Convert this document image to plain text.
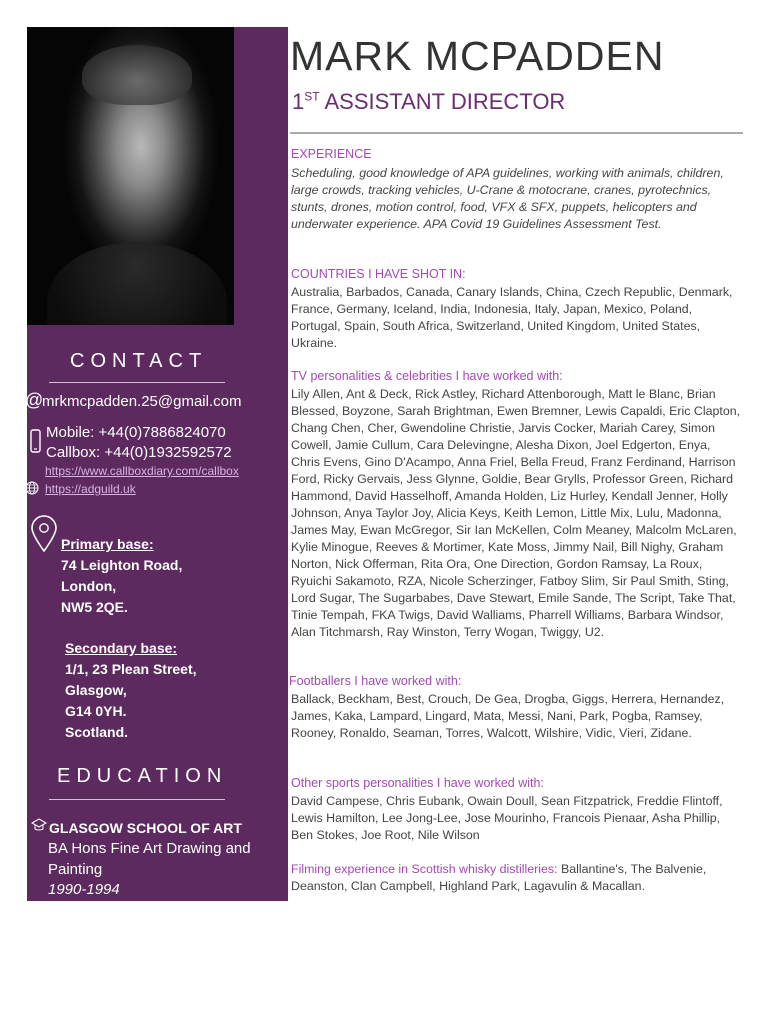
CONTACT
@
mrkmcpadden.25@gmail.com
Mobile: +44(0)7886824070
Callbox: +44(0)1932592572
https://www.callboxdiary.com/callbox
https://adguild.uk
Primary base:
74 Leighton Road,
London,
NW5 2QE.
Secondary base:
1/1, 23 Plean Street,
Glasgow,
G14 0YH.
Scotland.
EDUCATION
GLASGOW SCHOOL OF ART
BA Hons Fine Art Drawing and Painting
1990-1994
MARK MCPADDEN
1ST ASSISTANT DIRECTOR
EXPERIENCE

Scheduling, good knowledge of APA guidelines, working with animals, children, large crowds, tracking vehicles, U-Crane & motocrane, cranes, pyrotechnics, stunts, drones, motion control, food, VFX & SFX, puppets, helicopters and underwater experience. APA Covid 19 Guidelines Assessment Test.

COUNTRIES I HAVE SHOT IN:

Australia, Barbados, Canada, Canary Islands, China, Czech Republic, Denmark, France, Germany, Iceland, India, Indonesia, Italy, Japan, Mexico, Poland, Portugal, Spain, South Africa, Switzerland, United Kingdom, United States, Ukraine.

TV personalities & celebrities I have worked with:

Lily Allen, Ant & Deck, Rick Astley, Richard Attenborough, Matt le Blanc, Brian Blessed, Boyzone, Sarah Brightman, Ewen Bremner, Lewis Capaldi, Eric Clapton, Chang Chen, Cher, Gwendoline Christie, Jarvis Cocker, Mariah Carey, Simon Cowell, Jamie Cullum, Cara Delevingne, Alesha Dixon, Joel Edgerton, Enya, Chris Evens, Gino D'Acampo, Anna Friel, Bella Freud, Franz Ferdinand, Harrison Ford, Ricky Gervais, Jess Glynne, Goldie, Bear Grylls, Professor Green, Richard Hammond, David Hasselhoff, Amanda Holden, Liz Hurley, Kendall Jenner, Holly Johnson, Anya Taylor Joy, Alicia Keys, Keith Lemon, Little Mix, Lulu, Madonna, James May, Ewan McGregor, Sir Ian McKellen, Colm Meaney, Malcolm McLaren, Kylie Minogue, Reeves & Mortimer, Kate Moss, Jimmy Nail, Bill Nighy, Graham Norton, Nick Offerman, Rita Ora, One Direction, Gordon Ramsay, La Roux, Ryuichi Sakamoto, RZA, Nicole Scherzinger, Fatboy Slim, Sir Paul Smith, Sting, Lord Sugar, The Sugarbabes, Dave Stewart, Emile Sande, The Script, Take That, Tinie Tempah, FKA Twigs, David Walliams, Pharrell Williams, Barbara Windsor, Alan Titchmarsh, Ray Winston, Terry Wogan, Twiggy, U2.

Footballers I have worked with:

Ballack, Beckham, Best, Crouch, De Gea, Drogba, Giggs, Herrera, Hernandez, James, Kaka, Lampard, Lingard, Mata, Messi, Nani, Park, Pogba, Ramsey, Rooney, Ronaldo, Seaman, Torres, Walcott, Wilshire, Vidic, Vieri, Zidane.

Other sports personalities I have worked with:

David Campese, Chris Eubank, Owain Doull, Sean Fitzpatrick, Freddie Flintoff, Lewis Hamilton, Lee Jong-Lee, Jose Mourinho, Francois Pienaar, Asha Phillip, Ben Stokes, Joe Root, Nile Wilson

Filming experience in Scottish whisky distilleries: Ballantine's, The Balvenie, Deanston, Clan Campbell, Highland Park, Lagavulin & Macallan.
